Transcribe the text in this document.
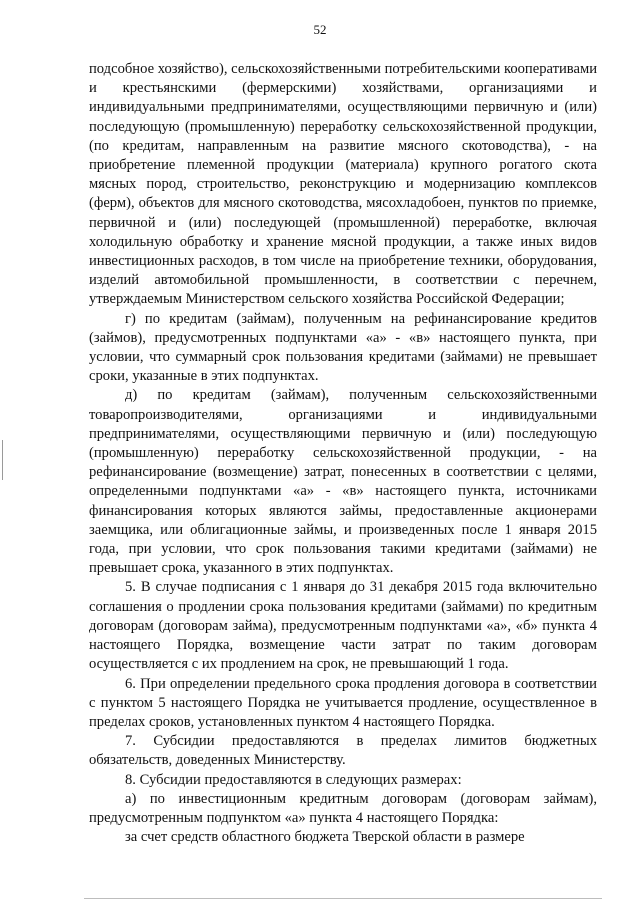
52

подсобное хозяйство), сельскохозяйственными потребительскими кооперативами и крестьянскими (фермерскими) хозяйствами, организациями и индивидуальными предпринимателями, осуществляющими первичную и (или) последующую (промышленную) переработку сельскохозяйственной продукции, (по кредитам, направленным на развитие мясного скотоводства), - на приобретение племенной продукции (материала) крупного рогатого скота мясных пород, строительство, реконструкцию и модернизацию комплексов (ферм), объектов для мясного скотоводства, мясохладобоен, пунктов по приемке, первичной и (или) последующей (промышленной) переработке, включая холодильную обработку и хранение мясной продукции, а также иных видов инвестиционных расходов, в том числе на приобретение техники, оборудования, изделий автомобильной промышленности, в соответствии с перечнем, утверждаемым Министерством сельского хозяйства Российской Федерации;

г) по кредитам (займам), полученным на рефинансирование кредитов (займов), предусмотренных подпунктами «а» - «в» настоящего пункта, при условии, что суммарный срок пользования кредитами (займами) не превышает сроки, указанные в этих подпунктах.

д) по кредитам (займам), полученным сельскохозяйственными товаропроизводителями, организациями и индивидуальными предпринимателями, осуществляющими первичную и (или) последующую (промышленную) переработку сельскохозяйственной продукции, - на рефинансирование (возмещение) затрат, понесенных в соответствии с целями, определенными подпунктами «а» - «в» настоящего пункта, источниками финансирования которых являются займы, предоставленные акционерами заемщика, или облигационные займы, и произведенных после 1 января 2015 года, при условии, что срок пользования такими кредитами (займами) не превышает срока, указанного в этих подпунктах.

5. В случае подписания с 1 января до 31 декабря 2015 года включительно соглашения о продлении срока пользования кредитами (займами) по кредитным договорам (договорам займа), предусмотренным подпунктами «а», «б» пункта 4 настоящего Порядка, возмещение части затрат по таким договорам осуществляется с их продлением на срок, не превышающий 1 года.

6. При определении предельного срока продления договора в соответствии с пунктом 5 настоящего Порядка не учитывается продление, осуществленное в пределах сроков, установленных пунктом 4 настоящего Порядка.

7. Субсидии предоставляются в пределах лимитов бюджетных обязательств, доведенных Министерству.

8. Субсидии предоставляются в следующих размерах:

а) по инвестиционным кредитным договорам (договорам займам), предусмотренным подпунктом «а» пункта 4 настоящего Порядка:

за счет средств областного бюджета Тверской области в размере
